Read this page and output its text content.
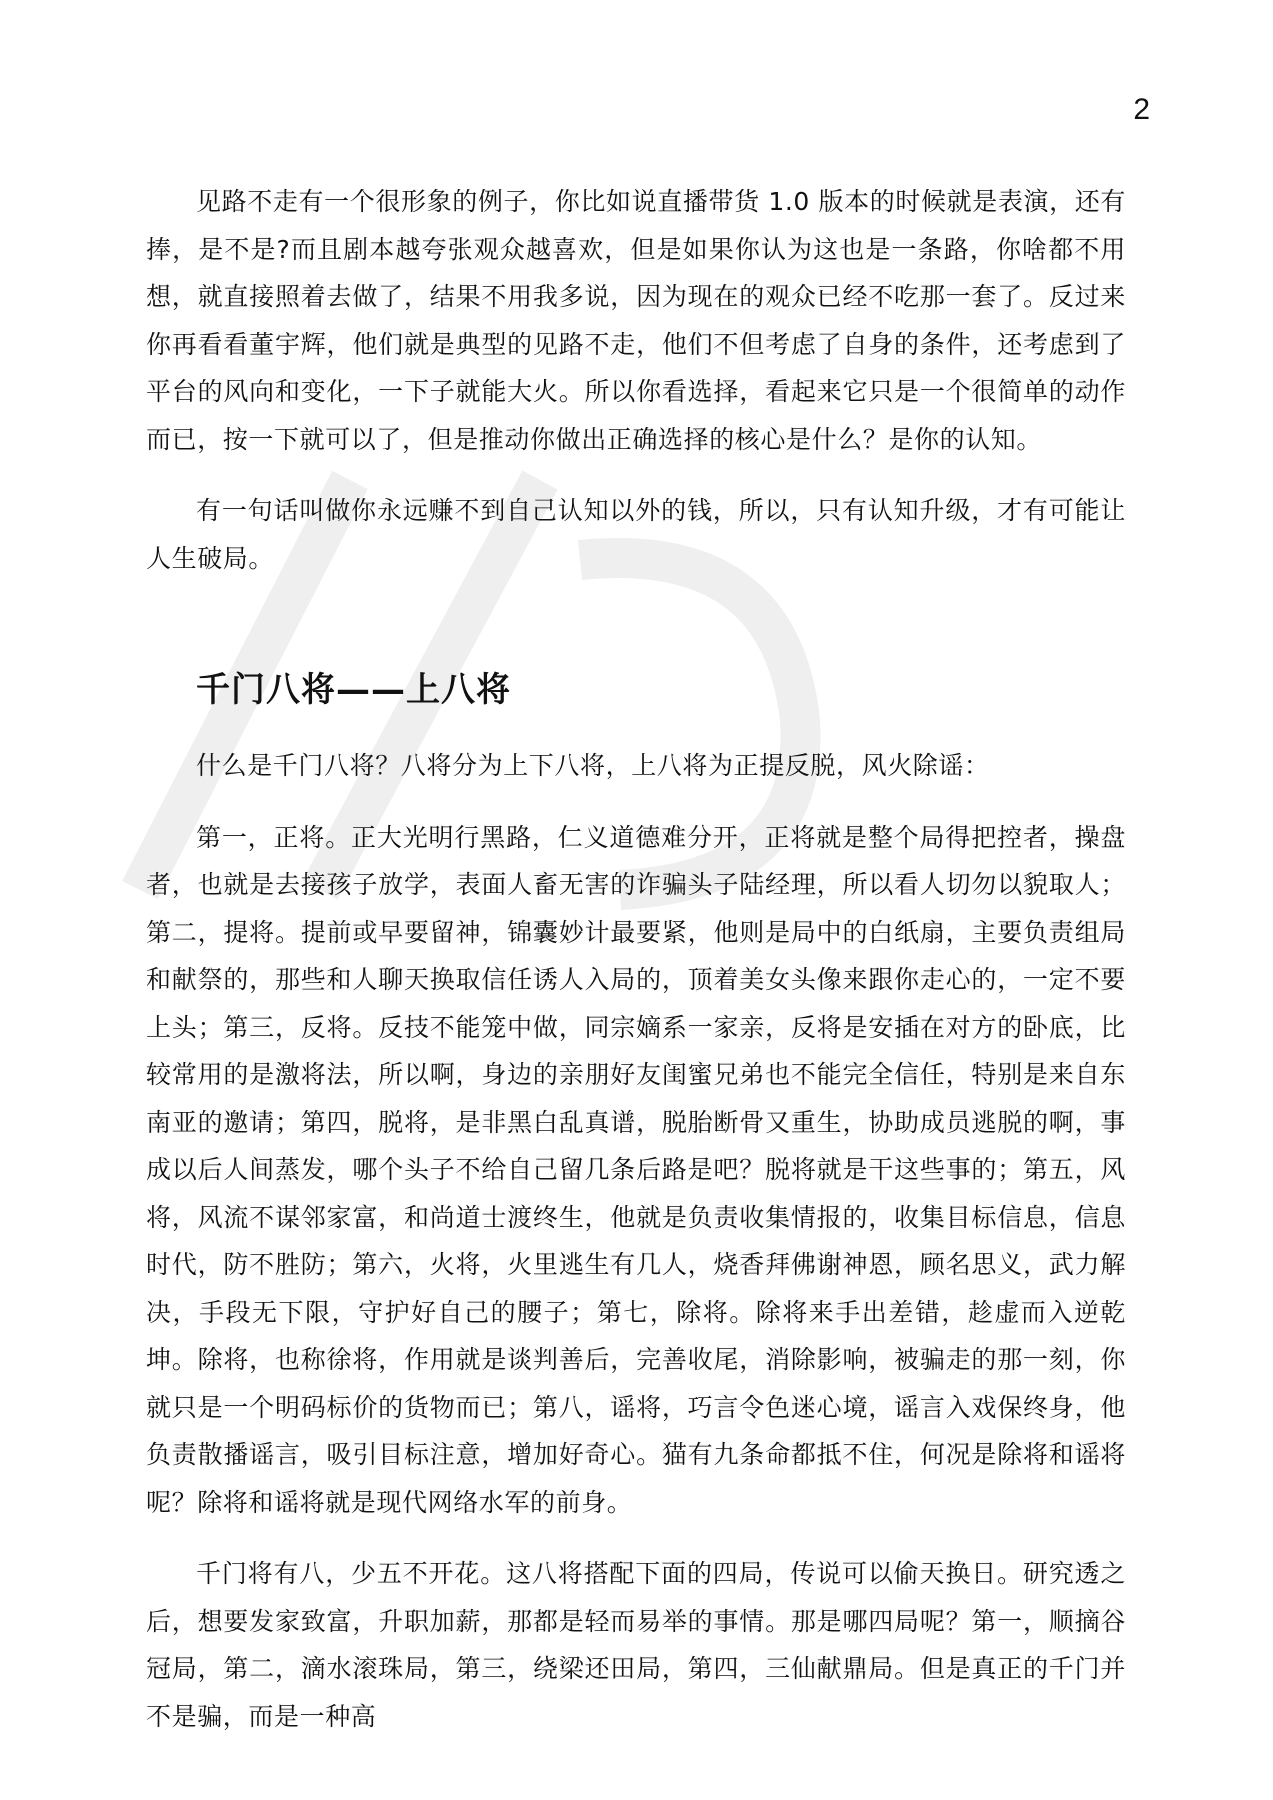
2

见路不走有一个很形象的例子，你比如说直播带货 1.0 版本的时候就是表演，还有捧，是不是?而且剧本越夸张观众越喜欢，但是如果你认为这也是一条路，你啥都不用想，就直接照着去做了，结果不用我多说，因为现在的观众已经不吃那一套了。反过来你再看看董宇辉，他们就是典型的见路不走，他们不但考虑了自身的条件，还考虑到了平台的风向和变化，一下子就能大火。所以你看选择，看起来它只是一个很简单的动作而已，按一下就可以了，但是推动你做出正确选择的核心是什么？是你的认知。

有一句话叫做你永远赚不到自己认知以外的钱，所以，只有认知升级，才有可能让人生破局。

千门八将——上八将

什么是千门八将？八将分为上下八将，上八将为正提反脱，风火除谣：

第一，正将。正大光明行黑路，仁义道德难分开，正将就是整个局得把控者，操盘者，也就是去接孩子放学，表面人畜无害的诈骗头子陆经理，所以看人切勿以貌取人；第二，提将。提前或早要留神，锦囊妙计最要紧，他则是局中的白纸扇，主要负责组局和献祭的，那些和人聊天换取信任诱人入局的，顶着美女头像来跟你走心的，一定不要上头；第三，反将。反技不能笼中做，同宗嫡系一家亲，反将是安插在对方的卧底，比较常用的是激将法，所以啊，身边的亲朋好友闺蜜兄弟也不能完全信任，特别是来自东南亚的邀请；第四，脱将，是非黑白乱真谱，脱胎断骨又重生，协助成员逃脱的啊，事成以后人间蒸发，哪个头子不给自己留几条后路是吧？脱将就是干这些事的；第五，风将，风流不谋邻家富，和尚道士渡终生，他就是负责收集情报的，收集目标信息，信息时代，防不胜防；第六，火将，火里逃生有几人，烧香拜佛谢神恩，顾名思义，武力解决，手段无下限，守护好自己的腰子；第七，除将。除将来手出差错，趁虚而入逆乾坤。除将，也称徐将，作用就是谈判善后，完善收尾，消除影响，被骗走的那一刻，你就只是一个明码标价的货物而已；第八，谣将，巧言令色迷心境，谣言入戏保终身，他负责散播谣言，吸引目标注意，增加好奇心。猫有九条命都抵不住，何况是除将和谣将呢？除将和谣将就是现代网络水军的前身。

千门将有八，少五不开花。这八将搭配下面的四局，传说可以偷天换日。研究透之后，想要发家致富，升职加薪，那都是轻而易举的事情。那是哪四局呢？第一，顺摘谷冠局，第二，滴水滚珠局，第三，绕梁还田局，第四，三仙献鼎局。但是真正的千门并不是骗，而是一种高
